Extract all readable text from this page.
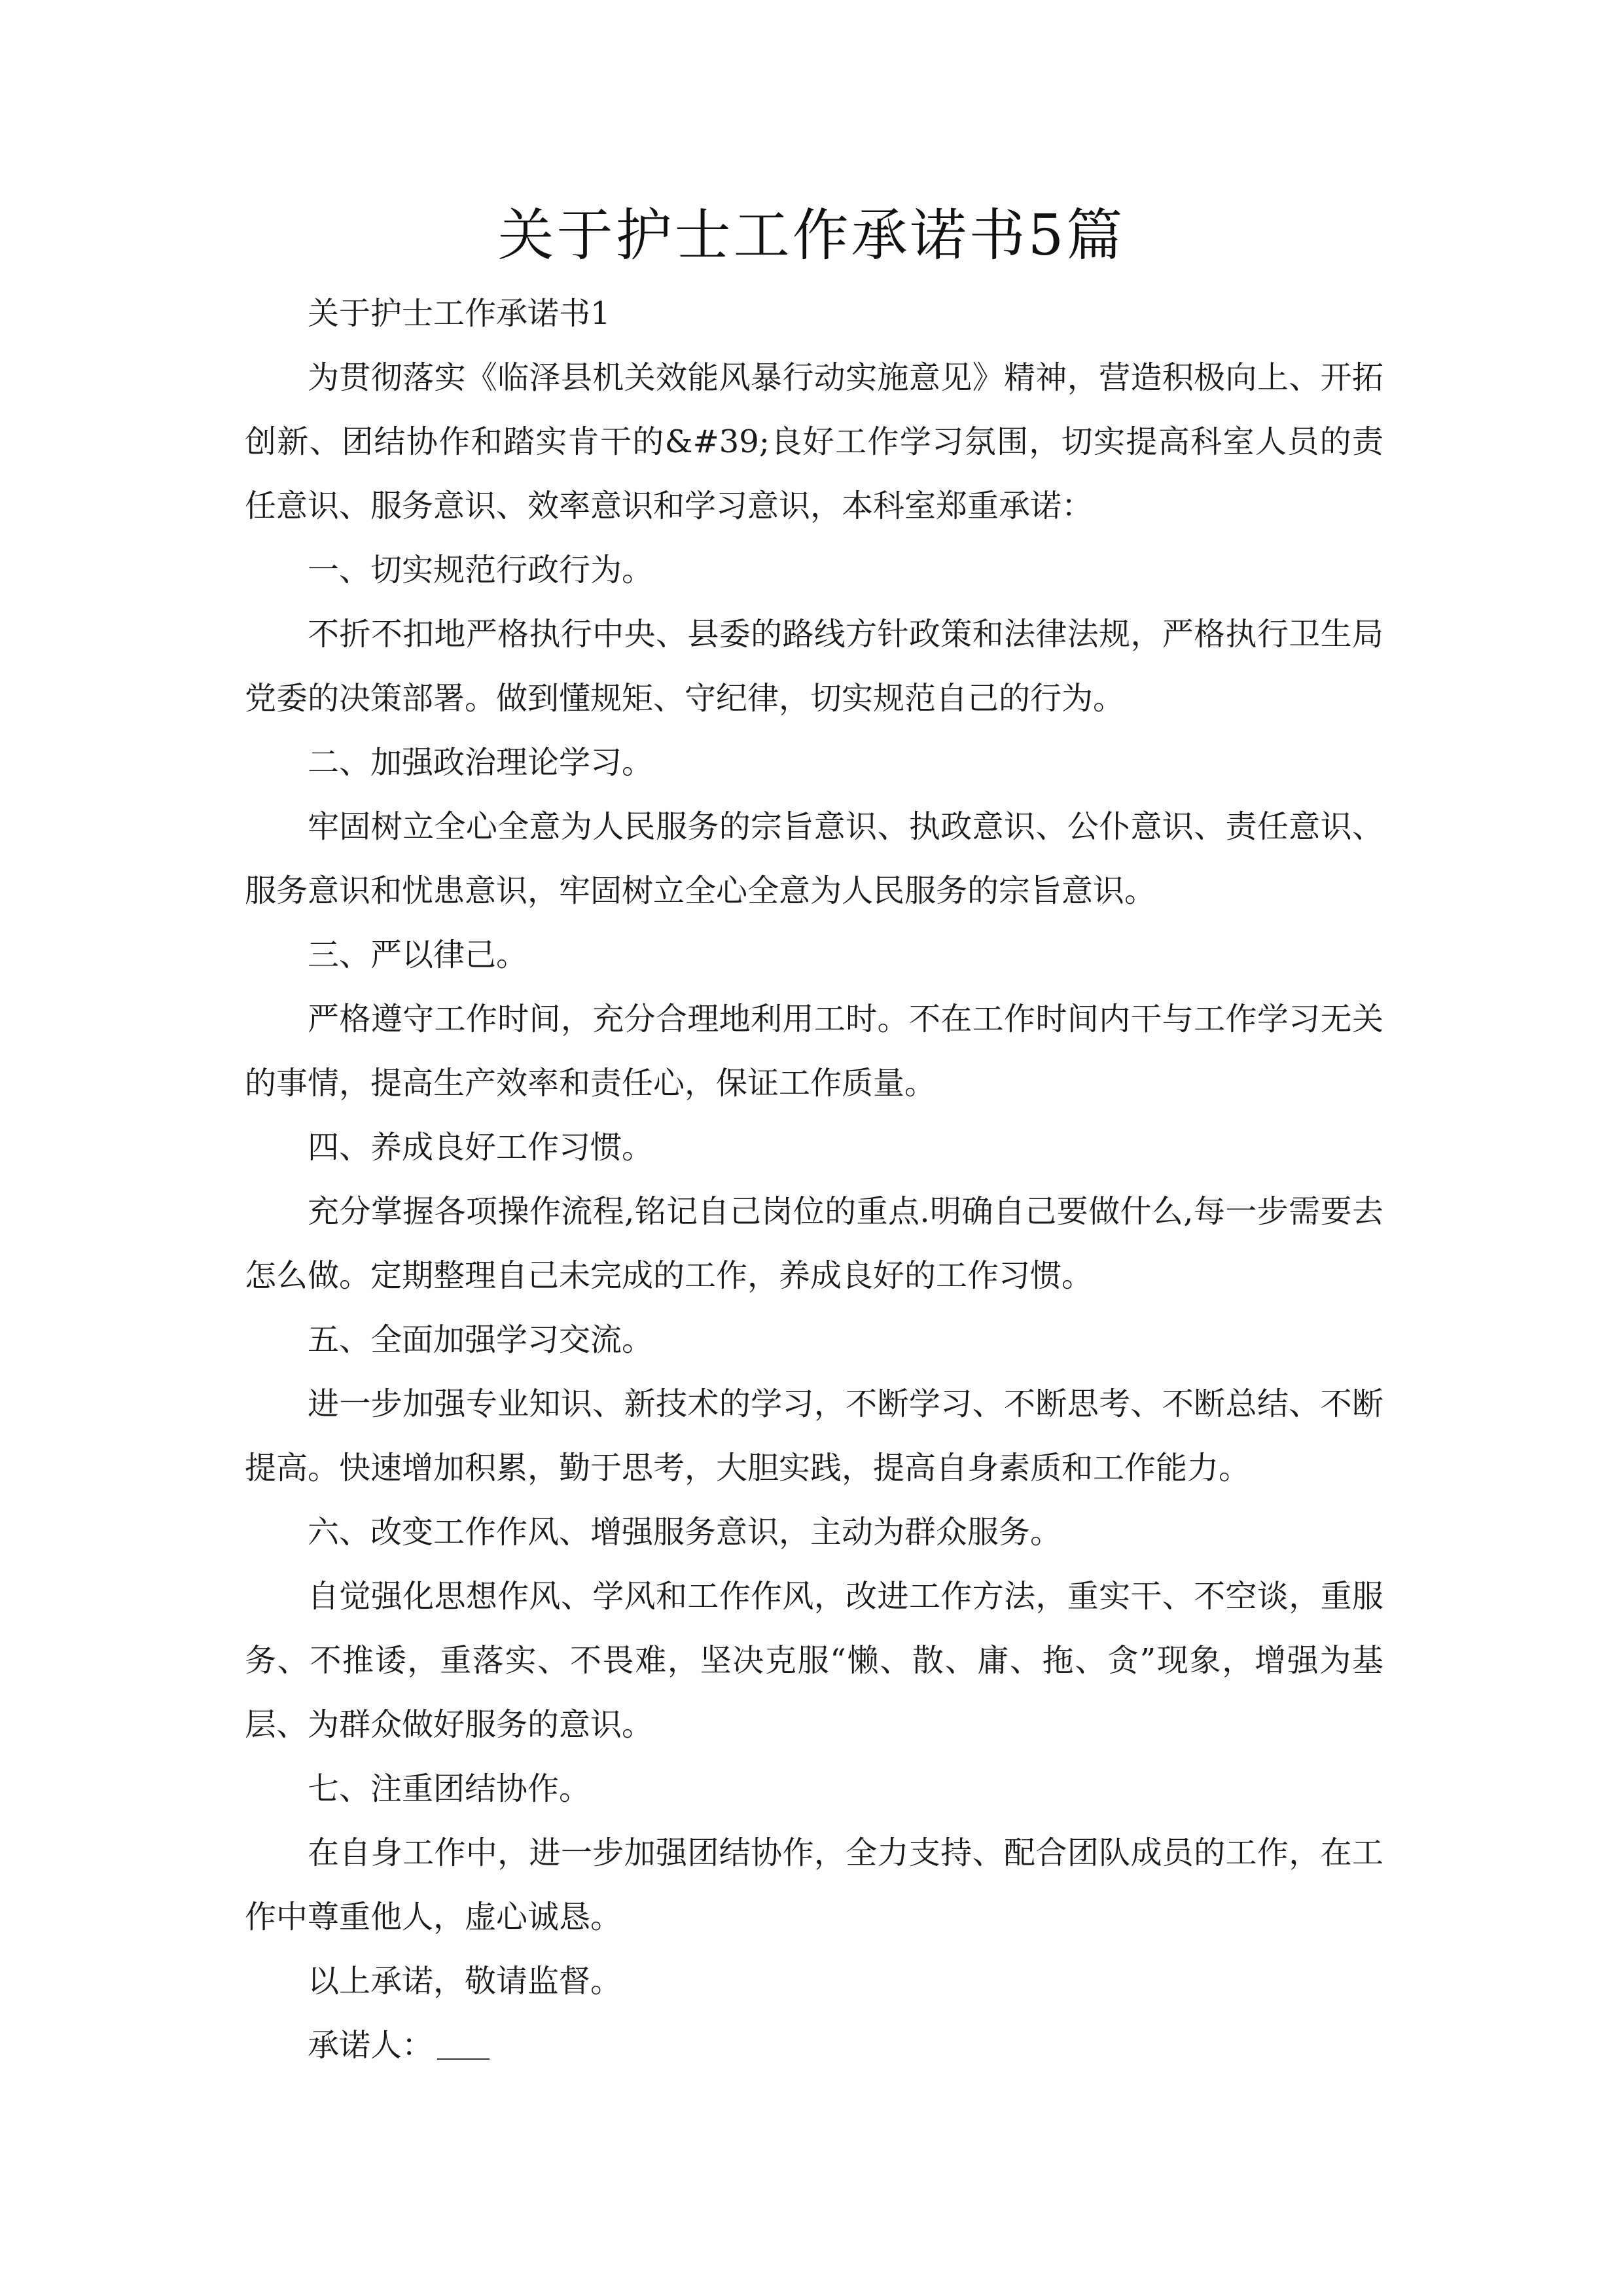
关于护士工作承诺书5篇

关于护士工作承诺书1

为贯彻落实《临泽县机关效能风暴行动实施意见》精神，营造积极向上、开拓创新、团结协作和踏实肯干的&#39;良好工作学习氛围，切实提高科室人员的责任意识、服务意识、效率意识和学习意识，本科室郑重承诺：

一、切实规范行政行为。

不折不扣地严格执行中央、县委的路线方针政策和法律法规，严格执行卫生局党委的决策部署。做到懂规矩、守纪律，切实规范自己的行为。

二、加强政治理论学习。

牢固树立全心全意为人民服务的宗旨意识、执政意识、公仆意识、责任意识、服务意识和忧患意识，牢固树立全心全意为人民服务的宗旨意识。

三、严以律己。

严格遵守工作时间，充分合理地利用工时。不在工作时间内干与工作学习无关的事情，提高生产效率和责任心，保证工作质量。

四、养成良好工作习惯。

充分掌握各项操作流程,铭记自己岗位的重点.明确自己要做什么,每一步需要去怎么做。定期整理自己未完成的工作，养成良好的工作习惯。

五、全面加强学习交流。

进一步加强专业知识、新技术的学习，不断学习、不断思考、不断总结、不断提高。快速增加积累，勤于思考，大胆实践，提高自身素质和工作能力。

六、改变工作作风、增强服务意识，主动为群众服务。

自觉强化思想作风、学风和工作作风，改进工作方法，重实干、不空谈，重服务、不推诿，重落实、不畏难，坚决克服“懒、散、庸、拖、贪”现象，增强为基层、为群众做好服务的意识。

七、注重团结协作。

在自身工作中，进一步加强团结协作，全力支持、配合团队成员的工作，在工作中尊重他人，虚心诚恳。

以上承诺，敬请监督。

承诺人：
